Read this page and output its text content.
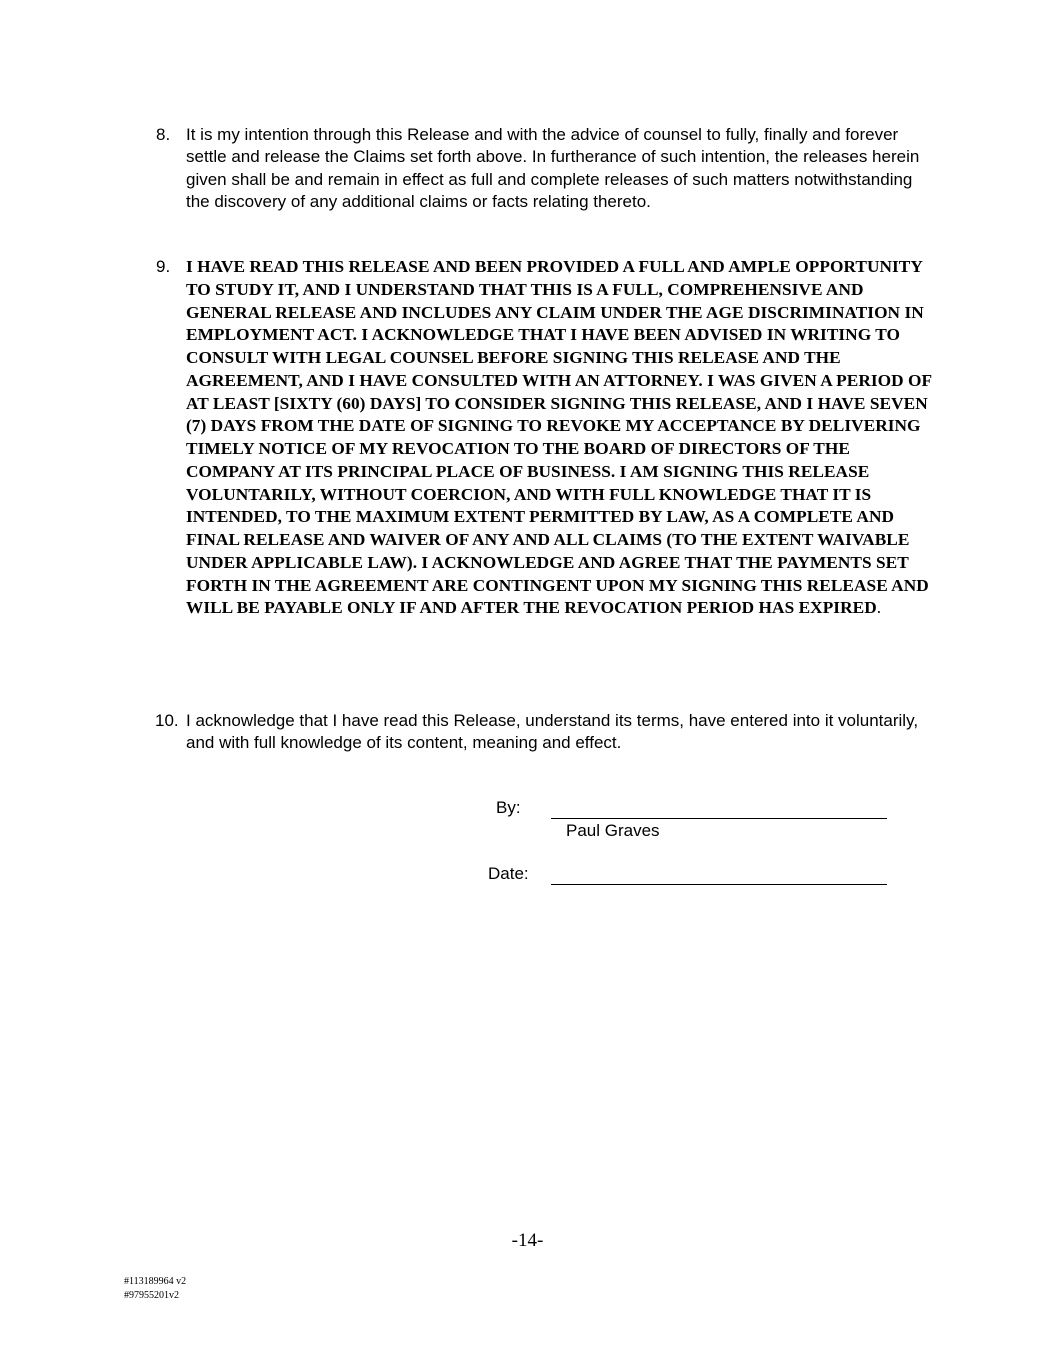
8. It is my intention through this Release and with the advice of counsel to fully, finally and forever settle and release the Claims set forth above. In furtherance of such intention, the releases herein given shall be and remain in effect as full and complete releases of such matters notwithstanding the discovery of any additional claims or facts relating thereto.
9. I HAVE READ THIS RELEASE AND BEEN PROVIDED A FULL AND AMPLE OPPORTUNITY TO STUDY IT, AND I UNDERSTAND THAT THIS IS A FULL, COMPREHENSIVE AND GENERAL RELEASE AND INCLUDES ANY CLAIM UNDER THE AGE DISCRIMINATION IN EMPLOYMENT ACT. I ACKNOWLEDGE THAT I HAVE BEEN ADVISED IN WRITING TO CONSULT WITH LEGAL COUNSEL BEFORE SIGNING THIS RELEASE AND THE AGREEMENT, AND I HAVE CONSULTED WITH AN ATTORNEY. I WAS GIVEN A PERIOD OF AT LEAST [SIXTY (60) DAYS] TO CONSIDER SIGNING THIS RELEASE, AND I HAVE SEVEN (7) DAYS FROM THE DATE OF SIGNING TO REVOKE MY ACCEPTANCE BY DELIVERING TIMELY NOTICE OF MY REVOCATION TO THE BOARD OF DIRECTORS OF THE COMPANY AT ITS PRINCIPAL PLACE OF BUSINESS. I AM SIGNING THIS RELEASE VOLUNTARILY, WITHOUT COERCION, AND WITH FULL KNOWLEDGE THAT IT IS INTENDED, TO THE MAXIMUM EXTENT PERMITTED BY LAW, AS A COMPLETE AND FINAL RELEASE AND WAIVER OF ANY AND ALL CLAIMS (TO THE EXTENT WAIVABLE UNDER APPLICABLE LAW). I ACKNOWLEDGE AND AGREE THAT THE PAYMENTS SET FORTH IN THE AGREEMENT ARE CONTINGENT UPON MY SIGNING THIS RELEASE AND WILL BE PAYABLE ONLY IF AND AFTER THE REVOCATION PERIOD HAS EXPIRED.
10. I acknowledge that I have read this Release, understand its terms, have entered into it voluntarily, and with full knowledge of its content, meaning and effect.
By:
Paul Graves
Date:
-14-
#113189964 v2
#97955201v2
